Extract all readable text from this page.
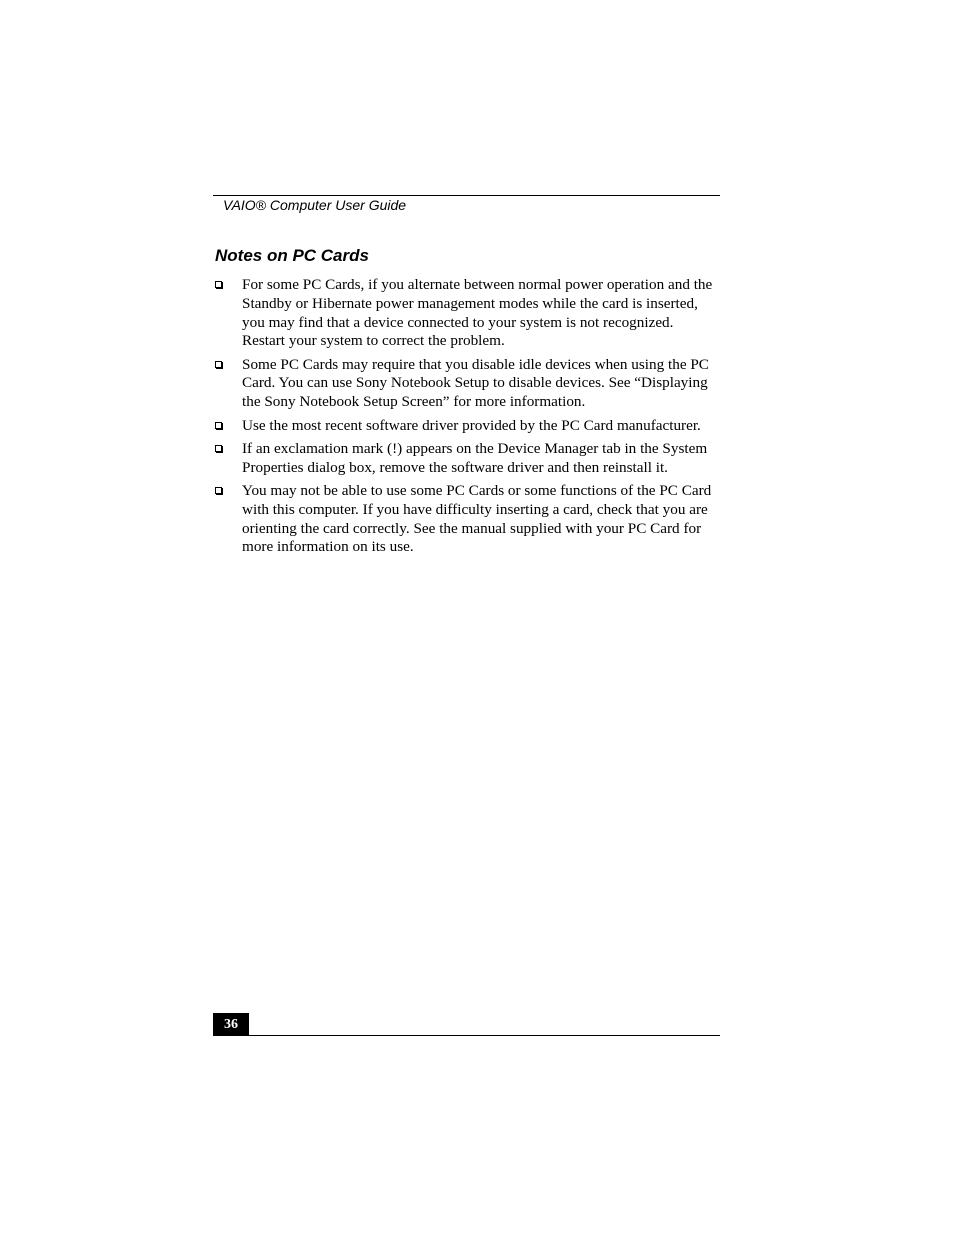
VAIO® Computer User Guide
Notes on PC Cards
For some PC Cards, if you alternate between normal power operation and the Standby or Hibernate power management modes while the card is inserted, you may find that a device connected to your system is not recognized. Restart your system to correct the problem.
Some PC Cards may require that you disable idle devices when using the PC Card. You can use Sony Notebook Setup to disable devices. See “Displaying the Sony Notebook Setup Screen” for more information.
Use the most recent software driver provided by the PC Card manufacturer.
If an exclamation mark (!) appears on the Device Manager tab in the System Properties dialog box, remove the software driver and then reinstall it.
You may not be able to use some PC Cards or some functions of the PC Card with this computer. If you have difficulty inserting a card, check that you are orienting the card correctly. See the manual supplied with your PC Card for more information on its use.
36
